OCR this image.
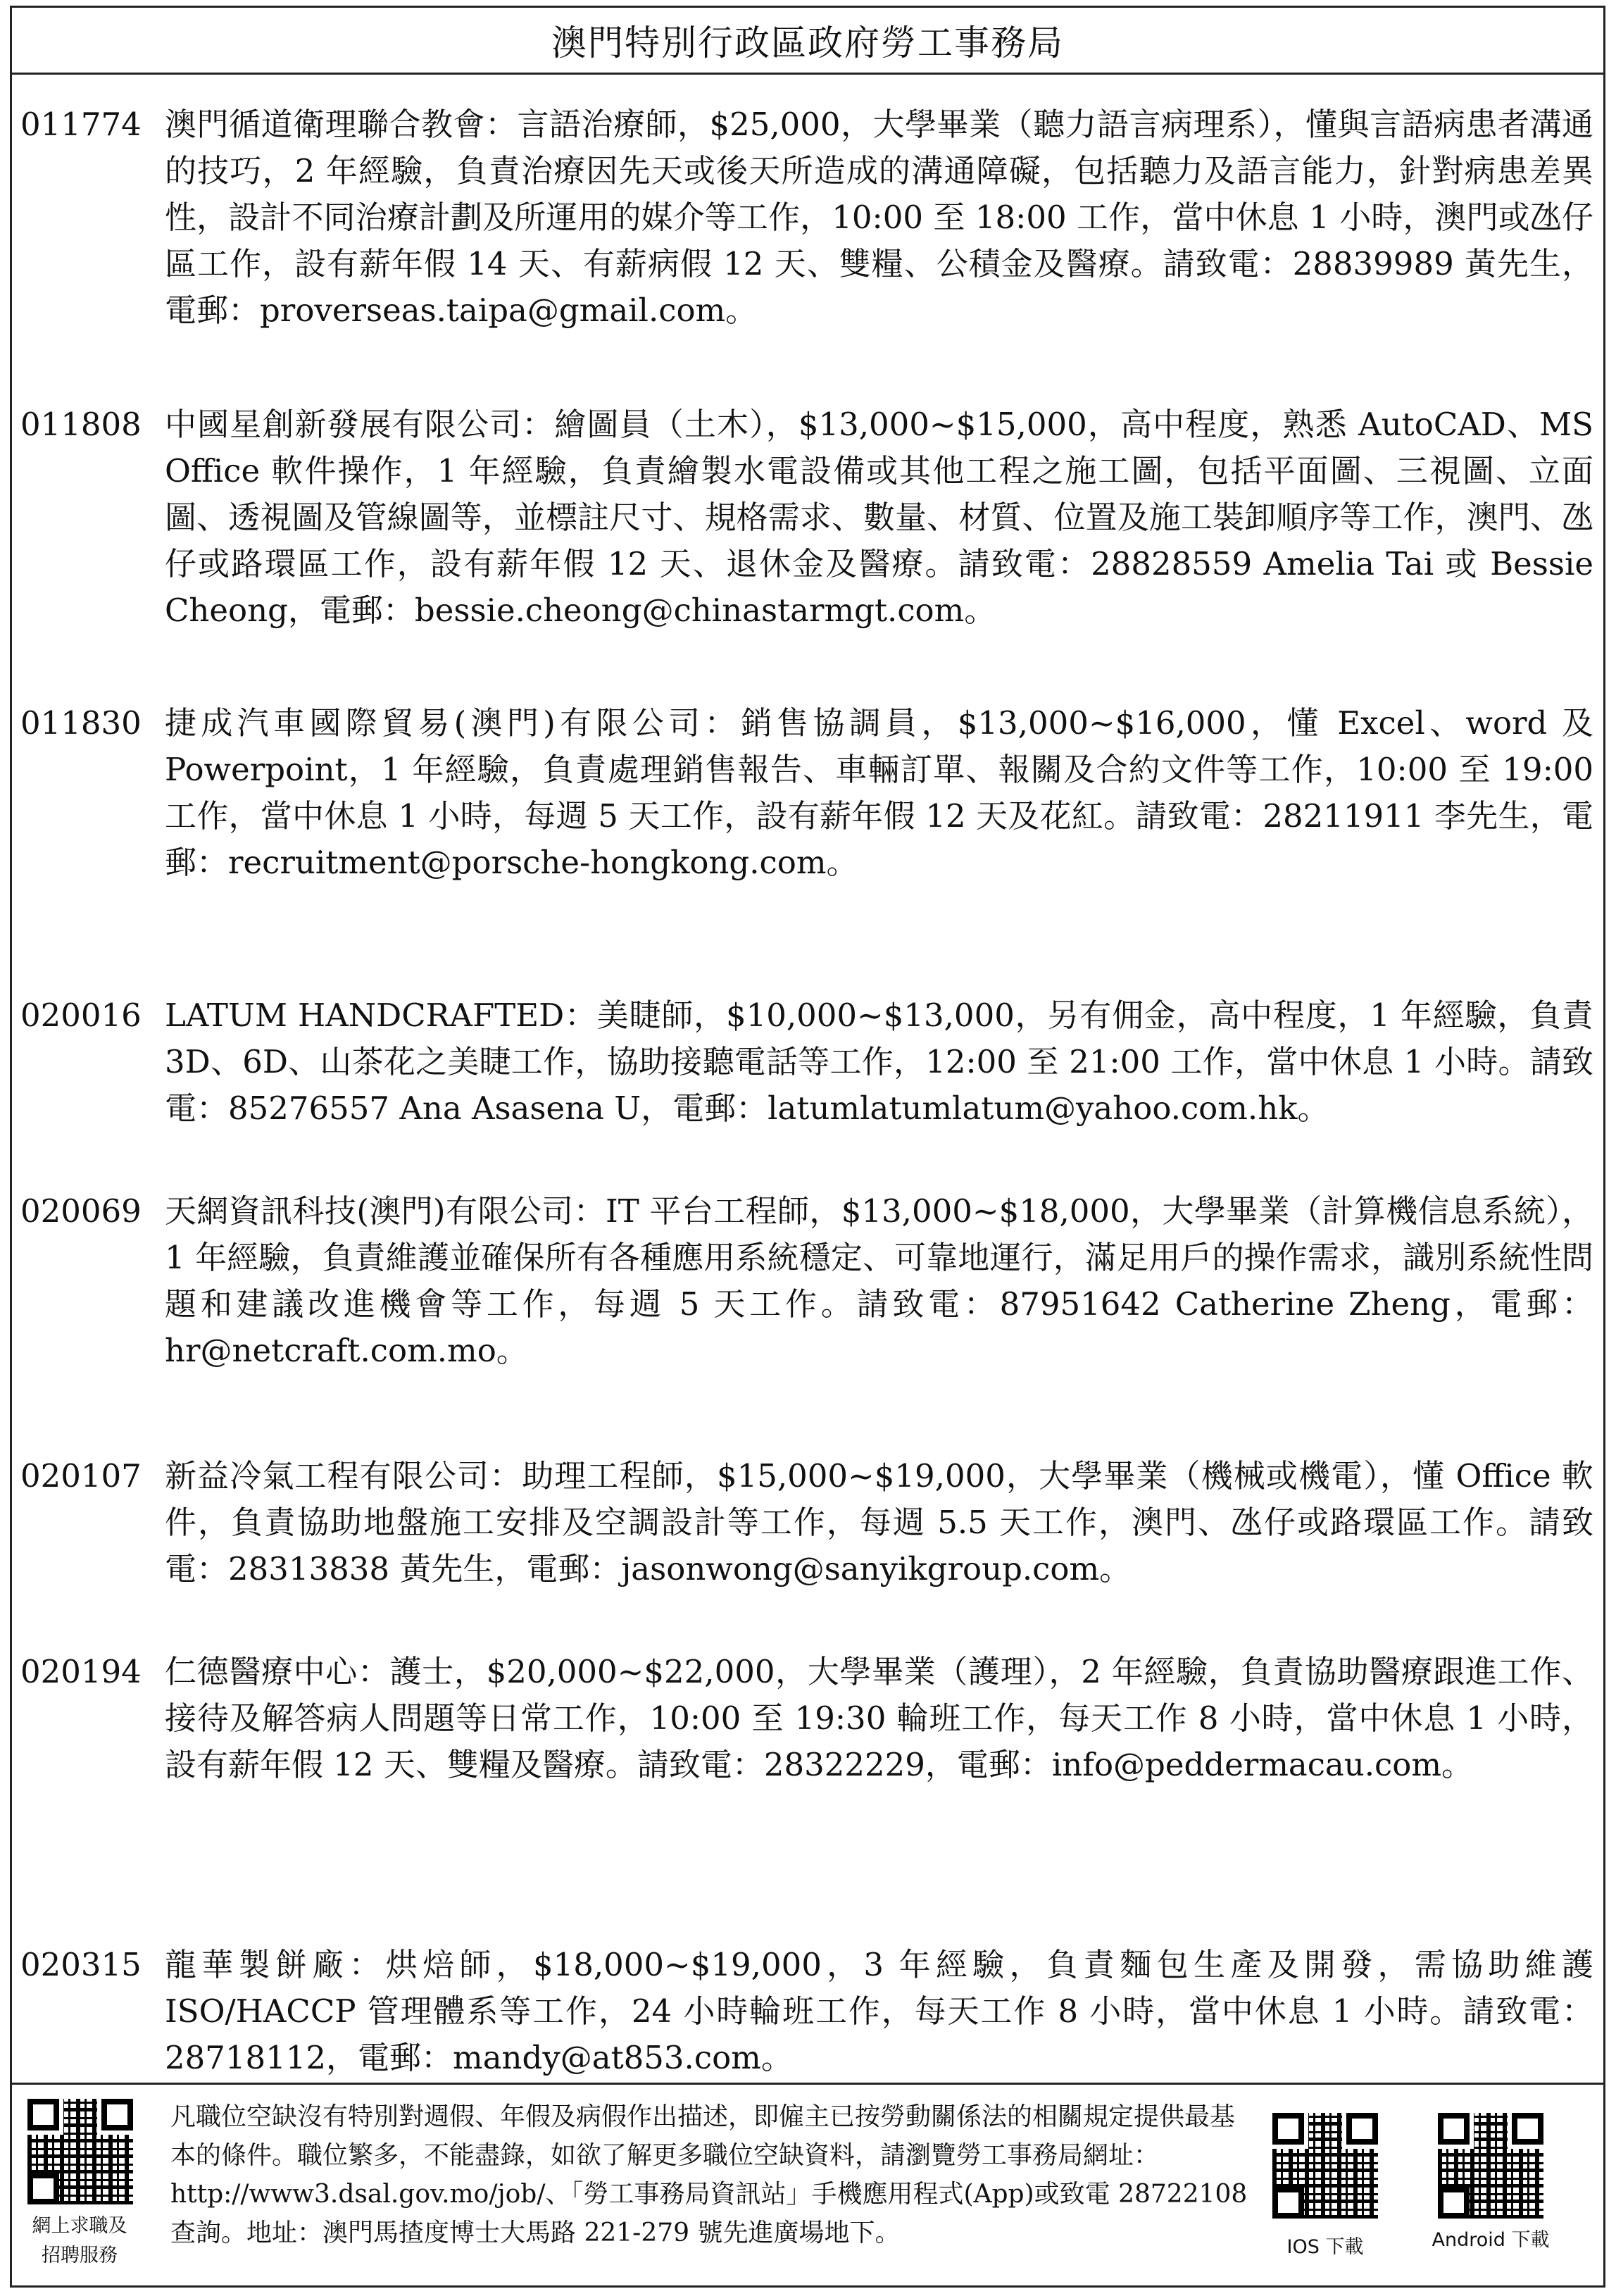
澳門特別行政區政府勞工事務局
011774 澳門循道衛理聯合教會：言語治療師，$25,000，大學畢業（聽力語言病理系），懂與言語病患者溝通的技巧，2 年經驗，負責治療因先天或後天所造成的溝通障礙，包括聽力及語言能力，針對病患差異性，設計不同治療計劃及所運用的媒介等工作，10:00 至 18:00 工作，當中休息 1 小時，澳門或氹仔區工作，設有薪年假 14 天、有薪病假 12 天、雙糧、公積金及醫療。請致電：28839989 黃先生，電郵：proverseas.taipa@gmail.com。

011808 中國星創新發展有限公司：繪圖員（土木），$13,000~$15,000，高中程度，熟悉 AutoCAD、MS Office 軟件操作，1 年經驗，負責繪製水電設備或其他工程之施工圖，包括平面圖、三視圖、立面圖、透視圖及管線圖等，並標註尺寸、規格需求、數量、材質、位置及施工裝卸順序等工作，澳門、氹仔或路環區工作，設有薪年假 12 天、退休金及醫療。請致電：28828559 Amelia Tai 或 Bessie Cheong，電郵：bessie.cheong@chinastarmgt.com。

011830 捷成汽車國際貿易(澳門)有限公司：銷售協調員，$13,000~$16,000，懂 Excel、word 及 Powerpoint，1 年經驗，負責處理銷售報告、車輛訂單、報關及合約文件等工作，10:00 至 19:00 工作，當中休息 1 小時，每週 5 天工作，設有薪年假 12 天及花紅。請致電：28211911 李先生，電郵：recruitment@porsche-hongkong.com。

020016 LATUM HANDCRAFTED：美睫師，$10,000~$13,000，另有佣金，高中程度，1 年經驗，負責 3D、6D、山茶花之美睫工作，協助接聽電話等工作，12:00 至 21:00 工作，當中休息 1 小時。請致電：85276557 Ana Asasena U，電郵：latumlatumlatum@yahoo.com.hk。

020069 天網資訊科技(澳門)有限公司：IT 平台工程師，$13,000~$18,000，大學畢業（計算機信息系統），1 年經驗，負責維護並確保所有各種應用系統穩定、可靠地運行，滿足用戶的操作需求，識別系統性問題和建議改進機會等工作，每週 5 天工作。請致電：87951642 Catherine Zheng，電郵：hr@netcraft.com.mo。

020107 新益冷氣工程有限公司：助理工程師，$15,000~$19,000，大學畢業（機械或機電），懂 Office 軟件，負責協助地盤施工安排及空調設計等工作，每週 5.5 天工作，澳門、氹仔或路環區工作。請致電：28313838 黃先生，電郵：jasonwong@sanyikgroup.com。

020194 仁德醫療中心：護士，$20,000~$22,000，大學畢業（護理），2 年經驗，負責協助醫療跟進工作、接待及解答病人問題等日常工作，10:00 至 19:30 輪班工作，每天工作 8 小時，當中休息 1 小時，設有薪年假 12 天、雙糧及醫療。請致電：28322229，電郵：info@peddermacau.com。

020315 龍華製餅廠：烘焙師，$18,000~$19,000，3 年經驗，負責麵包生產及開發，需協助維護 ISO/HACCP 管理體系等工作，24 小時輪班工作，每天工作 8 小時，當中休息 1 小時。請致電：28718112，電郵：mandy@at853.com。

網上求職及
招聘服務

凡職位空缺沒有特別對週假、年假及病假作出描述，即僱主已按勞動關係法的相關規定提供最基本的條件。職位繁多，不能盡錄，如欲了解更多職位空缺資料，請瀏覽勞工事務局網址：http://www3.dsal.gov.mo/job/、「勞工事務局資訊站」手機應用程式(App)或致電 28722108 查詢。地址：澳門馬揸度博士大馬路 221-279 號先進廣場地下。	IOS 下載	Android 下載
